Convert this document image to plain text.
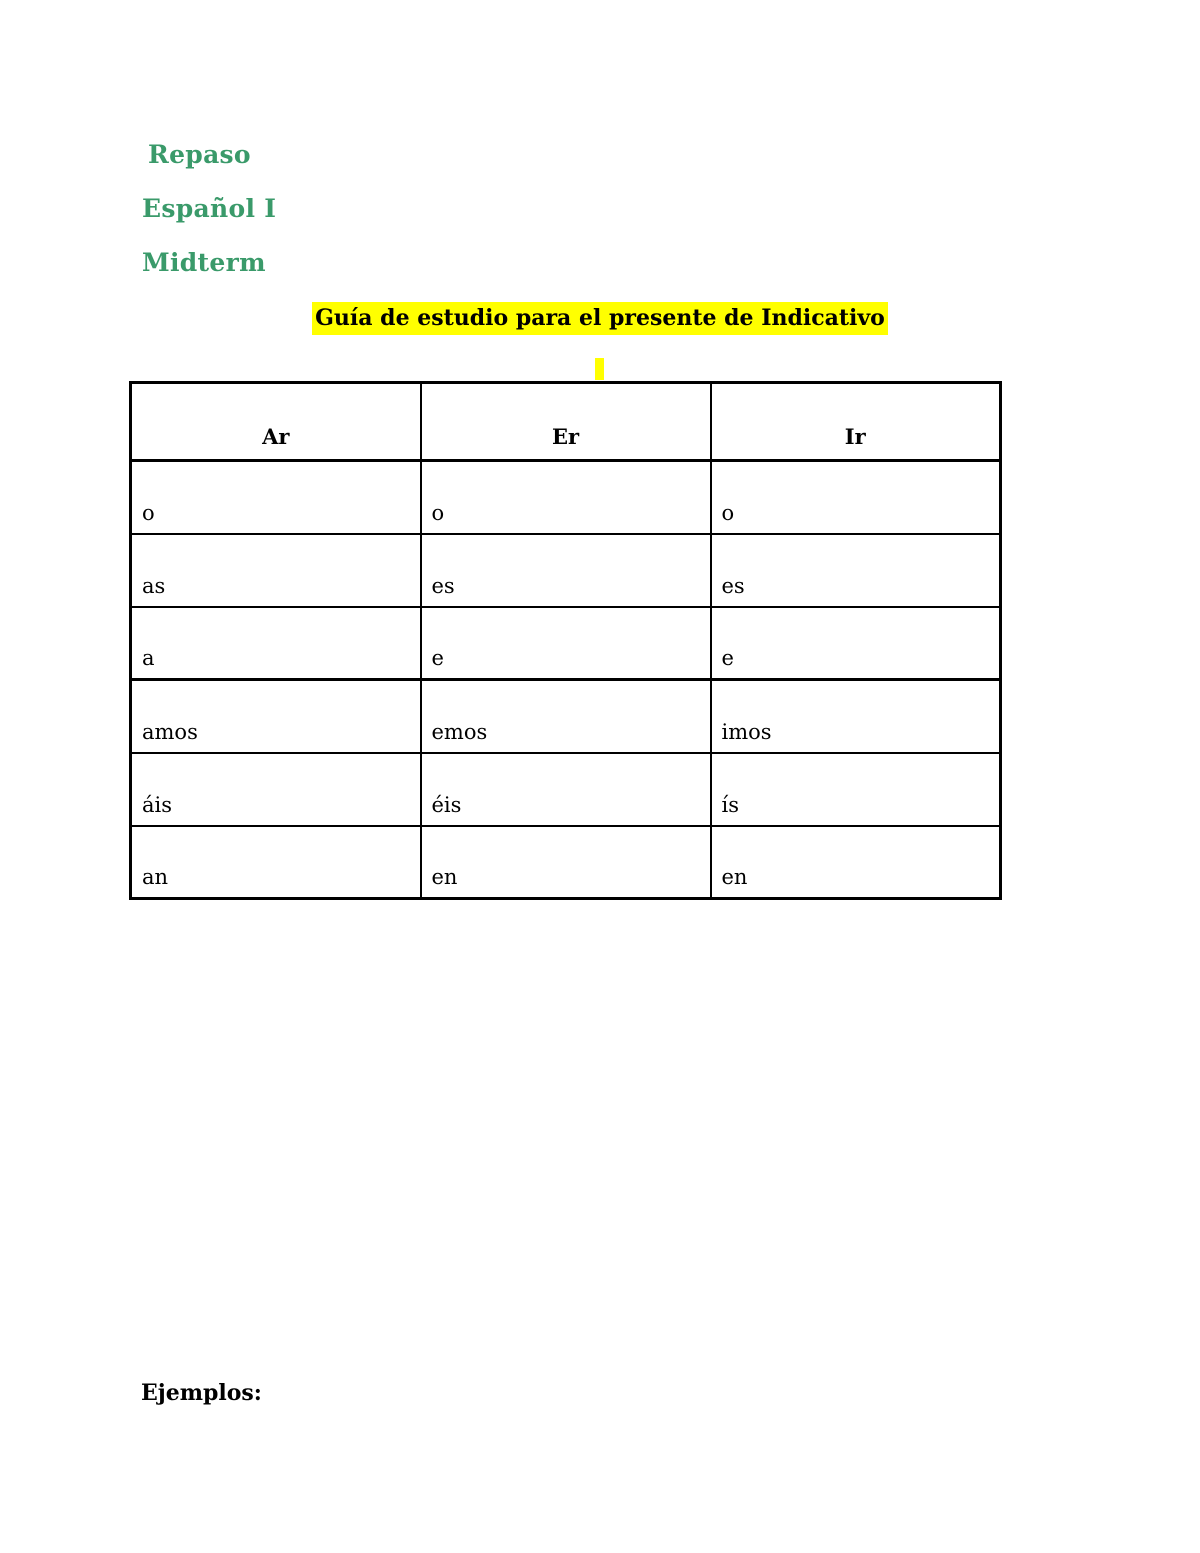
Repaso
Español I
Midterm
Guía de estudio para el presente de Indicativo
Ar	Er	Ir
o	o	o
as	es	es
a	e	e
amos	emos	imos
áis	éis	ís
an	en	en
Ejemplos:
